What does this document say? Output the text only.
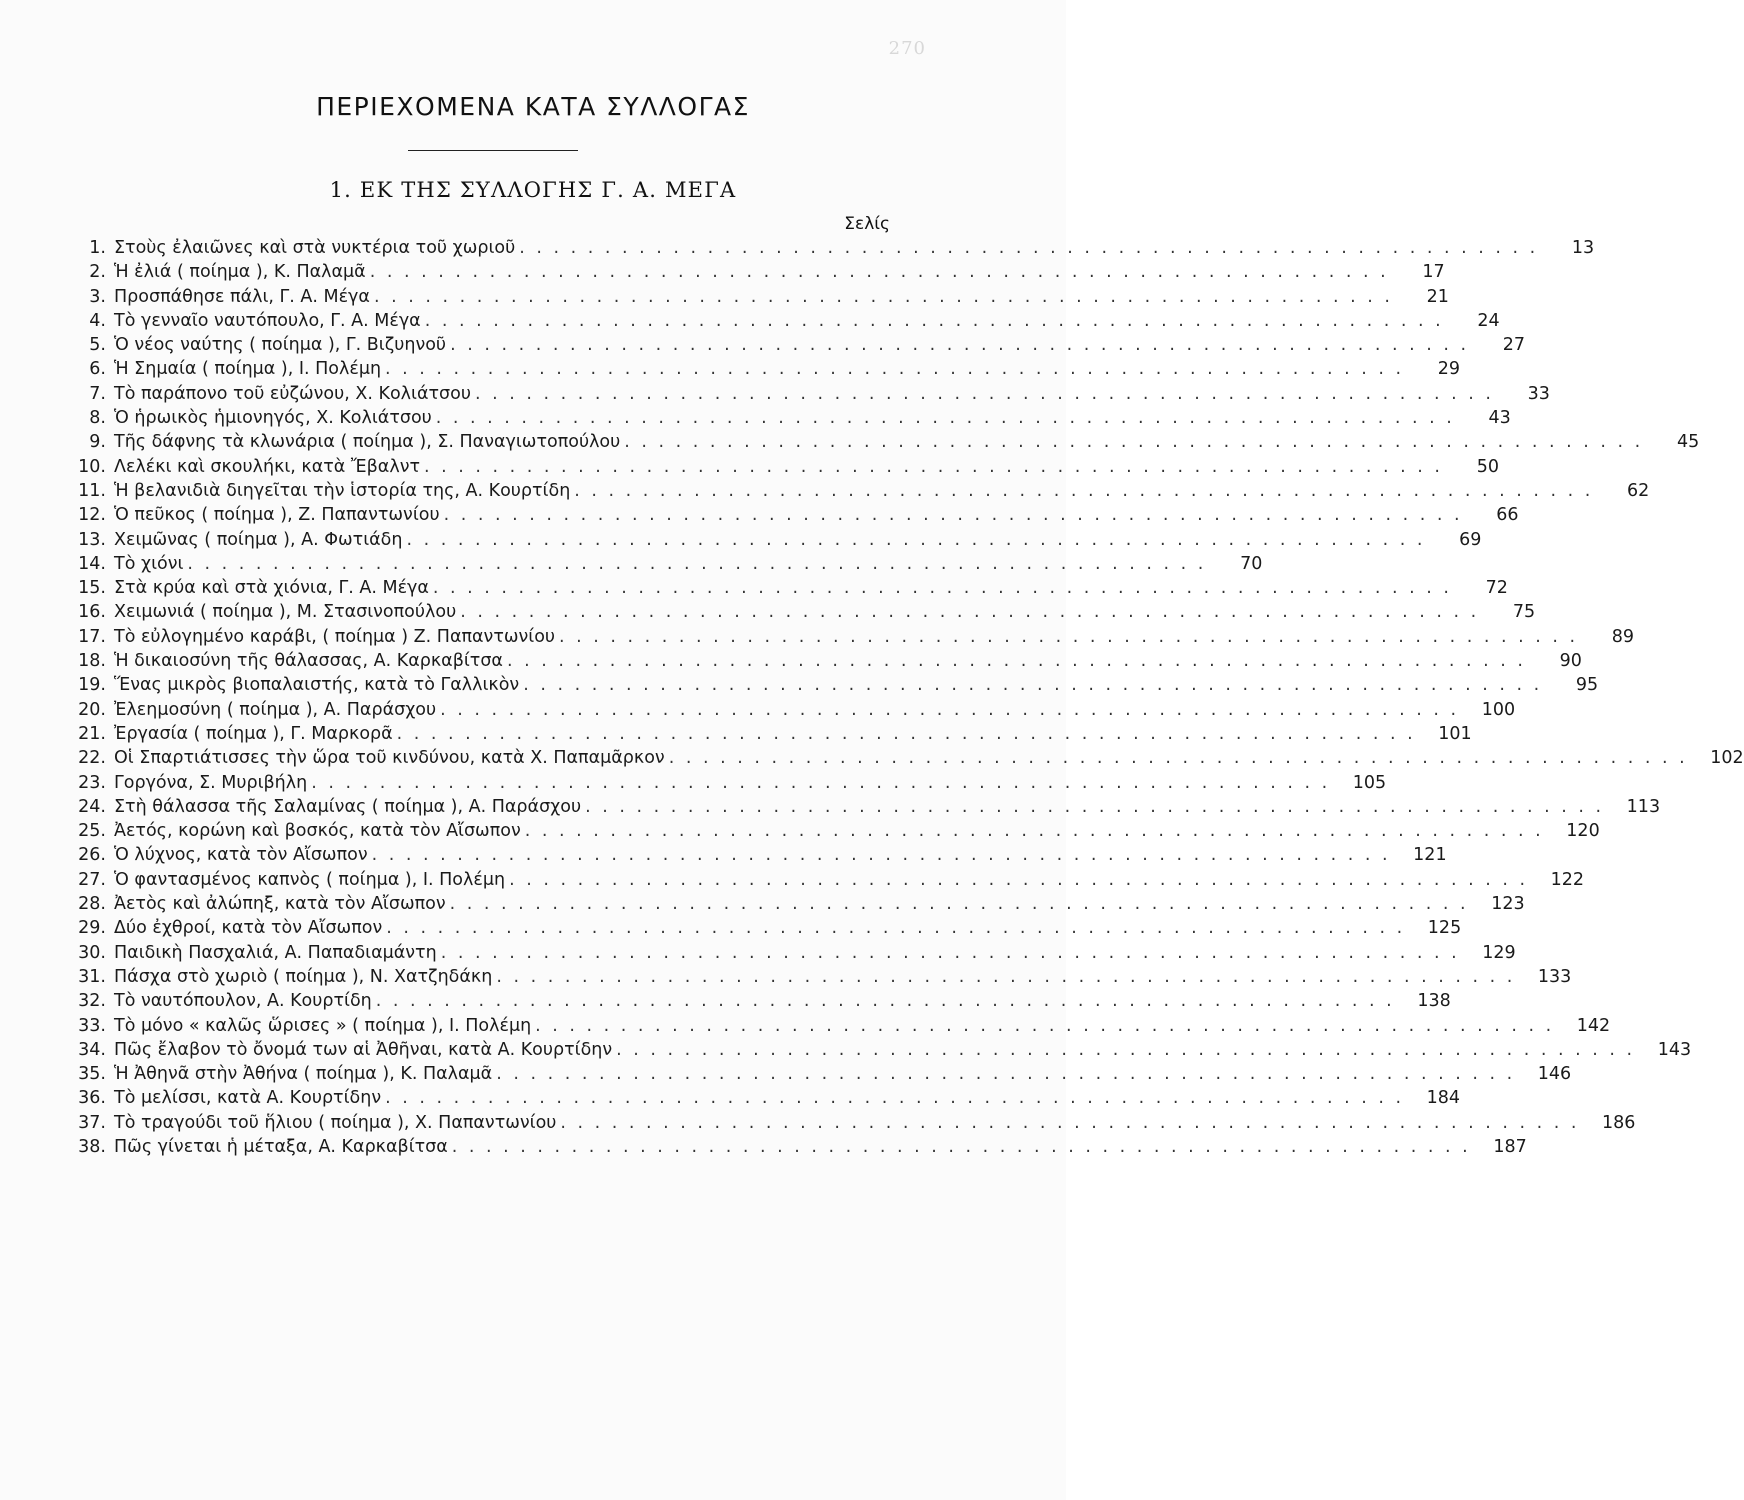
270
ΠΕΡΙΕΧΟΜΕΝΑ ΚΑΤΑ ΣΥΛΛΟΓΑΣ
1. ΕΚ ΤΗΣ ΣΥΛΛΟΓΗΣ Γ. Α. ΜΕΓΑ
Σελίς
1. Στοὺς ἐλαιῶνες καὶ στὰ νυκτέρια τοῦ χωριοῦ . . . . . . . . . . . . . . . . . . . . . . . . . . . . . . . . . . . . . . . . . . . . . . . . . . . . . . . . . . . .	13
2. Ἡ ἐλιά ( ποίημα ), Κ. Παλαμᾶ . . . . . . . . . . . . . . . . . . . . . . . . . . . . . . . . . . . . . . . . . . . . . . . . . . . . . . . . . . . .	17
3. Προσπάθησε πάλι, Γ. Α. Μέγα . . . . . . . . . . . . . . . . . . . . . . . . . . . . . . . . . . . . . . . . . . . . . . . . . . . . . . . . . . . .	21
4. Τὸ γενναῖο ναυτόπουλο, Γ. Α. Μέγα . . . . . . . . . . . . . . . . . . . . . . . . . . . . . . . . . . . . . . . . . . . . . . . . . . . . . . . . . . . .	24
5. Ὁ νέος ναύτης ( ποίημα ), Γ. Βιζυηνοῦ . . . . . . . . . . . . . . . . . . . . . . . . . . . . . . . . . . . . . . . . . . . . . . . . . . . . . . . . . . . .	27
6. Ἡ Σημαία ( ποίημα ), Ι. Πολέμη . . . . . . . . . . . . . . . . . . . . . . . . . . . . . . . . . . . . . . . . . . . . . . . . . . . . . . . . . . . .	29
7. Τὸ παράπονο τοῦ εὐζώνου, Χ. Κολιάτσου . . . . . . . . . . . . . . . . . . . . . . . . . . . . . . . . . . . . . . . . . . . . . . . . . . . . . . . . . . . .	33
8. Ὁ ἡρωικὸς ἡμιονηγός, Χ. Κολιάτσου . . . . . . . . . . . . . . . . . . . . . . . . . . . . . . . . . . . . . . . . . . . . . . . . . . . . . . . . . . . .	43
9. Τῆς δάφνης τὰ κλωνάρια ( ποίημα ), Σ. Παναγιωτοπούλου . . . . . . . . . . . . . . . . . . . . . . . . . . . . . . . . . . . . . . . . . . . . . . . . . . . . . . . . . . . .	45
10. Λελέκι καὶ σκουλήκι, κατὰ Ἔβαλντ . . . . . . . . . . . . . . . . . . . . . . . . . . . . . . . . . . . . . . . . . . . . . . . . . . . . . . . . . . . .	50
11. Ἡ βελανιδιὰ διηγεῖται τὴν ἱστορία της, Α. Κουρτίδη . . . . . . . . . . . . . . . . . . . . . . . . . . . . . . . . . . . . . . . . . . . . . . . . . . . . . . . . . . . .	62
12. Ὁ πεῦκος ( ποίημα ), Ζ. Παπαντωνίου . . . . . . . . . . . . . . . . . . . . . . . . . . . . . . . . . . . . . . . . . . . . . . . . . . . . . . . . . . . .	66
13. Χειμῶνας ( ποίημα ), Α. Φωτιάδη . . . . . . . . . . . . . . . . . . . . . . . . . . . . . . . . . . . . . . . . . . . . . . . . . . . . . . . . . . . .	69
14. Τὸ χιόνι . . . . . . . . . . . . . . . . . . . . . . . . . . . . . . . . . . . . . . . . . . . . . . . . . . . . . . . . . . . .	70
15. Στὰ κρύα καὶ στὰ χιόνια, Γ. Α. Μέγα . . . . . . . . . . . . . . . . . . . . . . . . . . . . . . . . . . . . . . . . . . . . . . . . . . . . . . . . . . . .	72
16. Χειμωνιά ( ποίημα ), Μ. Στασινοπούλου . . . . . . . . . . . . . . . . . . . . . . . . . . . . . . . . . . . . . . . . . . . . . . . . . . . . . . . . . . . .	75
17. Τὸ εὐλογημένο καράβι, ( ποίημα ) Ζ. Παπαντωνίου . . . . . . . . . . . . . . . . . . . . . . . . . . . . . . . . . . . . . . . . . . . . . . . . . . . . . . . . . . . .	89
18. Ἡ δικαιοσύνη τῆς θάλασσας, Α. Καρκαβίτσα . . . . . . . . . . . . . . . . . . . . . . . . . . . . . . . . . . . . . . . . . . . . . . . . . . . . . . . . . . . .	90
19. Ἕνας μικρὸς βιοπαλαιστής, κατὰ τὸ Γαλλικὸν . . . . . . . . . . . . . . . . . . . . . . . . . . . . . . . . . . . . . . . . . . . . . . . . . . . . . . . . . . . .	95
20. Ἐλεημοσύνη ( ποίημα ), Α. Παράσχου . . . . . . . . . . . . . . . . . . . . . . . . . . . . . . . . . . . . . . . . . . . . . . . . . . . . . . . . . . . .	100
21. Ἐργασία ( ποίημα ), Γ. Μαρκορᾶ . . . . . . . . . . . . . . . . . . . . . . . . . . . . . . . . . . . . . . . . . . . . . . . . . . . . . . . . . . . .	101
22. Οἱ Σπαρτιάτισσες τὴν ὥρα τοῦ κινδύνου, κατὰ Χ. Παπαμᾶρκον . . . . . . . . . . . . . . . . . . . . . . . . . . . . . . . . . . . . . . . . . . . . . . . . . . . . . . . . . . . .	102
23. Γοργόνα, Σ. Μυριβήλη . . . . . . . . . . . . . . . . . . . . . . . . . . . . . . . . . . . . . . . . . . . . . . . . . . . . . . . . . . . .	105
24. Στὴ θάλασσα τῆς Σαλαμίνας ( ποίημα ), Α. Παράσχου . . . . . . . . . . . . . . . . . . . . . . . . . . . . . . . . . . . . . . . . . . . . . . . . . . . . . . . . . . . .	113
25. Ἀετός, κορώνη καὶ βοσκός, κατὰ τὸν Αἴσωπον . . . . . . . . . . . . . . . . . . . . . . . . . . . . . . . . . . . . . . . . . . . . . . . . . . . . . . . . . . . .	120
26. Ὁ λύχνος, κατὰ τὸν Αἴσωπον . . . . . . . . . . . . . . . . . . . . . . . . . . . . . . . . . . . . . . . . . . . . . . . . . . . . . . . . . . . .	121
27. Ὁ φαντασμένος καπνὸς ( ποίημα ), Ι. Πολέμη . . . . . . . . . . . . . . . . . . . . . . . . . . . . . . . . . . . . . . . . . . . . . . . . . . . . . . . . . . . .	122
28. Ἀετὸς καὶ ἀλώπηξ, κατὰ τὸν Αἴσωπον . . . . . . . . . . . . . . . . . . . . . . . . . . . . . . . . . . . . . . . . . . . . . . . . . . . . . . . . . . . .	123
29. Δύο ἐχθροί, κατὰ τὸν Αἴσωπον . . . . . . . . . . . . . . . . . . . . . . . . . . . . . . . . . . . . . . . . . . . . . . . . . . . . . . . . . . . .	125
30. Παιδικὴ Πασχαλιά, Α. Παπαδιαμάντη . . . . . . . . . . . . . . . . . . . . . . . . . . . . . . . . . . . . . . . . . . . . . . . . . . . . . . . . . . . .	129
31. Πάσχα στὸ χωριὸ ( ποίημα ), Ν. Χατζηδάκη . . . . . . . . . . . . . . . . . . . . . . . . . . . . . . . . . . . . . . . . . . . . . . . . . . . . . . . . . . . .	133
32. Τὸ ναυτόπουλον, Α. Κουρτίδη . . . . . . . . . . . . . . . . . . . . . . . . . . . . . . . . . . . . . . . . . . . . . . . . . . . . . . . . . . . .	138
33. Τὸ μόνο « καλῶς ὥρισες » ( ποίημα ), Ι. Πολέμη . . . . . . . . . . . . . . . . . . . . . . . . . . . . . . . . . . . . . . . . . . . . . . . . . . . . . . . . . . . .	142
34. Πῶς ἔλαβον τὸ ὄνομά των αἱ Ἀθῆναι, κατὰ Α. Κουρτίδην . . . . . . . . . . . . . . . . . . . . . . . . . . . . . . . . . . . . . . . . . . . . . . . . . . . . . . . . . . . .	143
35. Ἡ Ἀθηνᾶ στὴν Ἀθήνα ( ποίημα ), Κ. Παλαμᾶ . . . . . . . . . . . . . . . . . . . . . . . . . . . . . . . . . . . . . . . . . . . . . . . . . . . . . . . . . . . .	146
36. Τὸ μελίσσι, κατὰ Α. Κουρτίδην . . . . . . . . . . . . . . . . . . . . . . . . . . . . . . . . . . . . . . . . . . . . . . . . . . . . . . . . . . . .	184
37. Τὸ τραγούδι τοῦ ἥλιου ( ποίημα ), Χ. Παπαντωνίου . . . . . . . . . . . . . . . . . . . . . . . . . . . . . . . . . . . . . . . . . . . . . . . . . . . . . . . . . . . .	186
38. Πῶς γίνεται ἡ μέταξα, Α. Καρκαβίτσα . . . . . . . . . . . . . . . . . . . . . . . . . . . . . . . . . . . . . . . . . . . . . . . . . . . . . . . . . . . .	187
